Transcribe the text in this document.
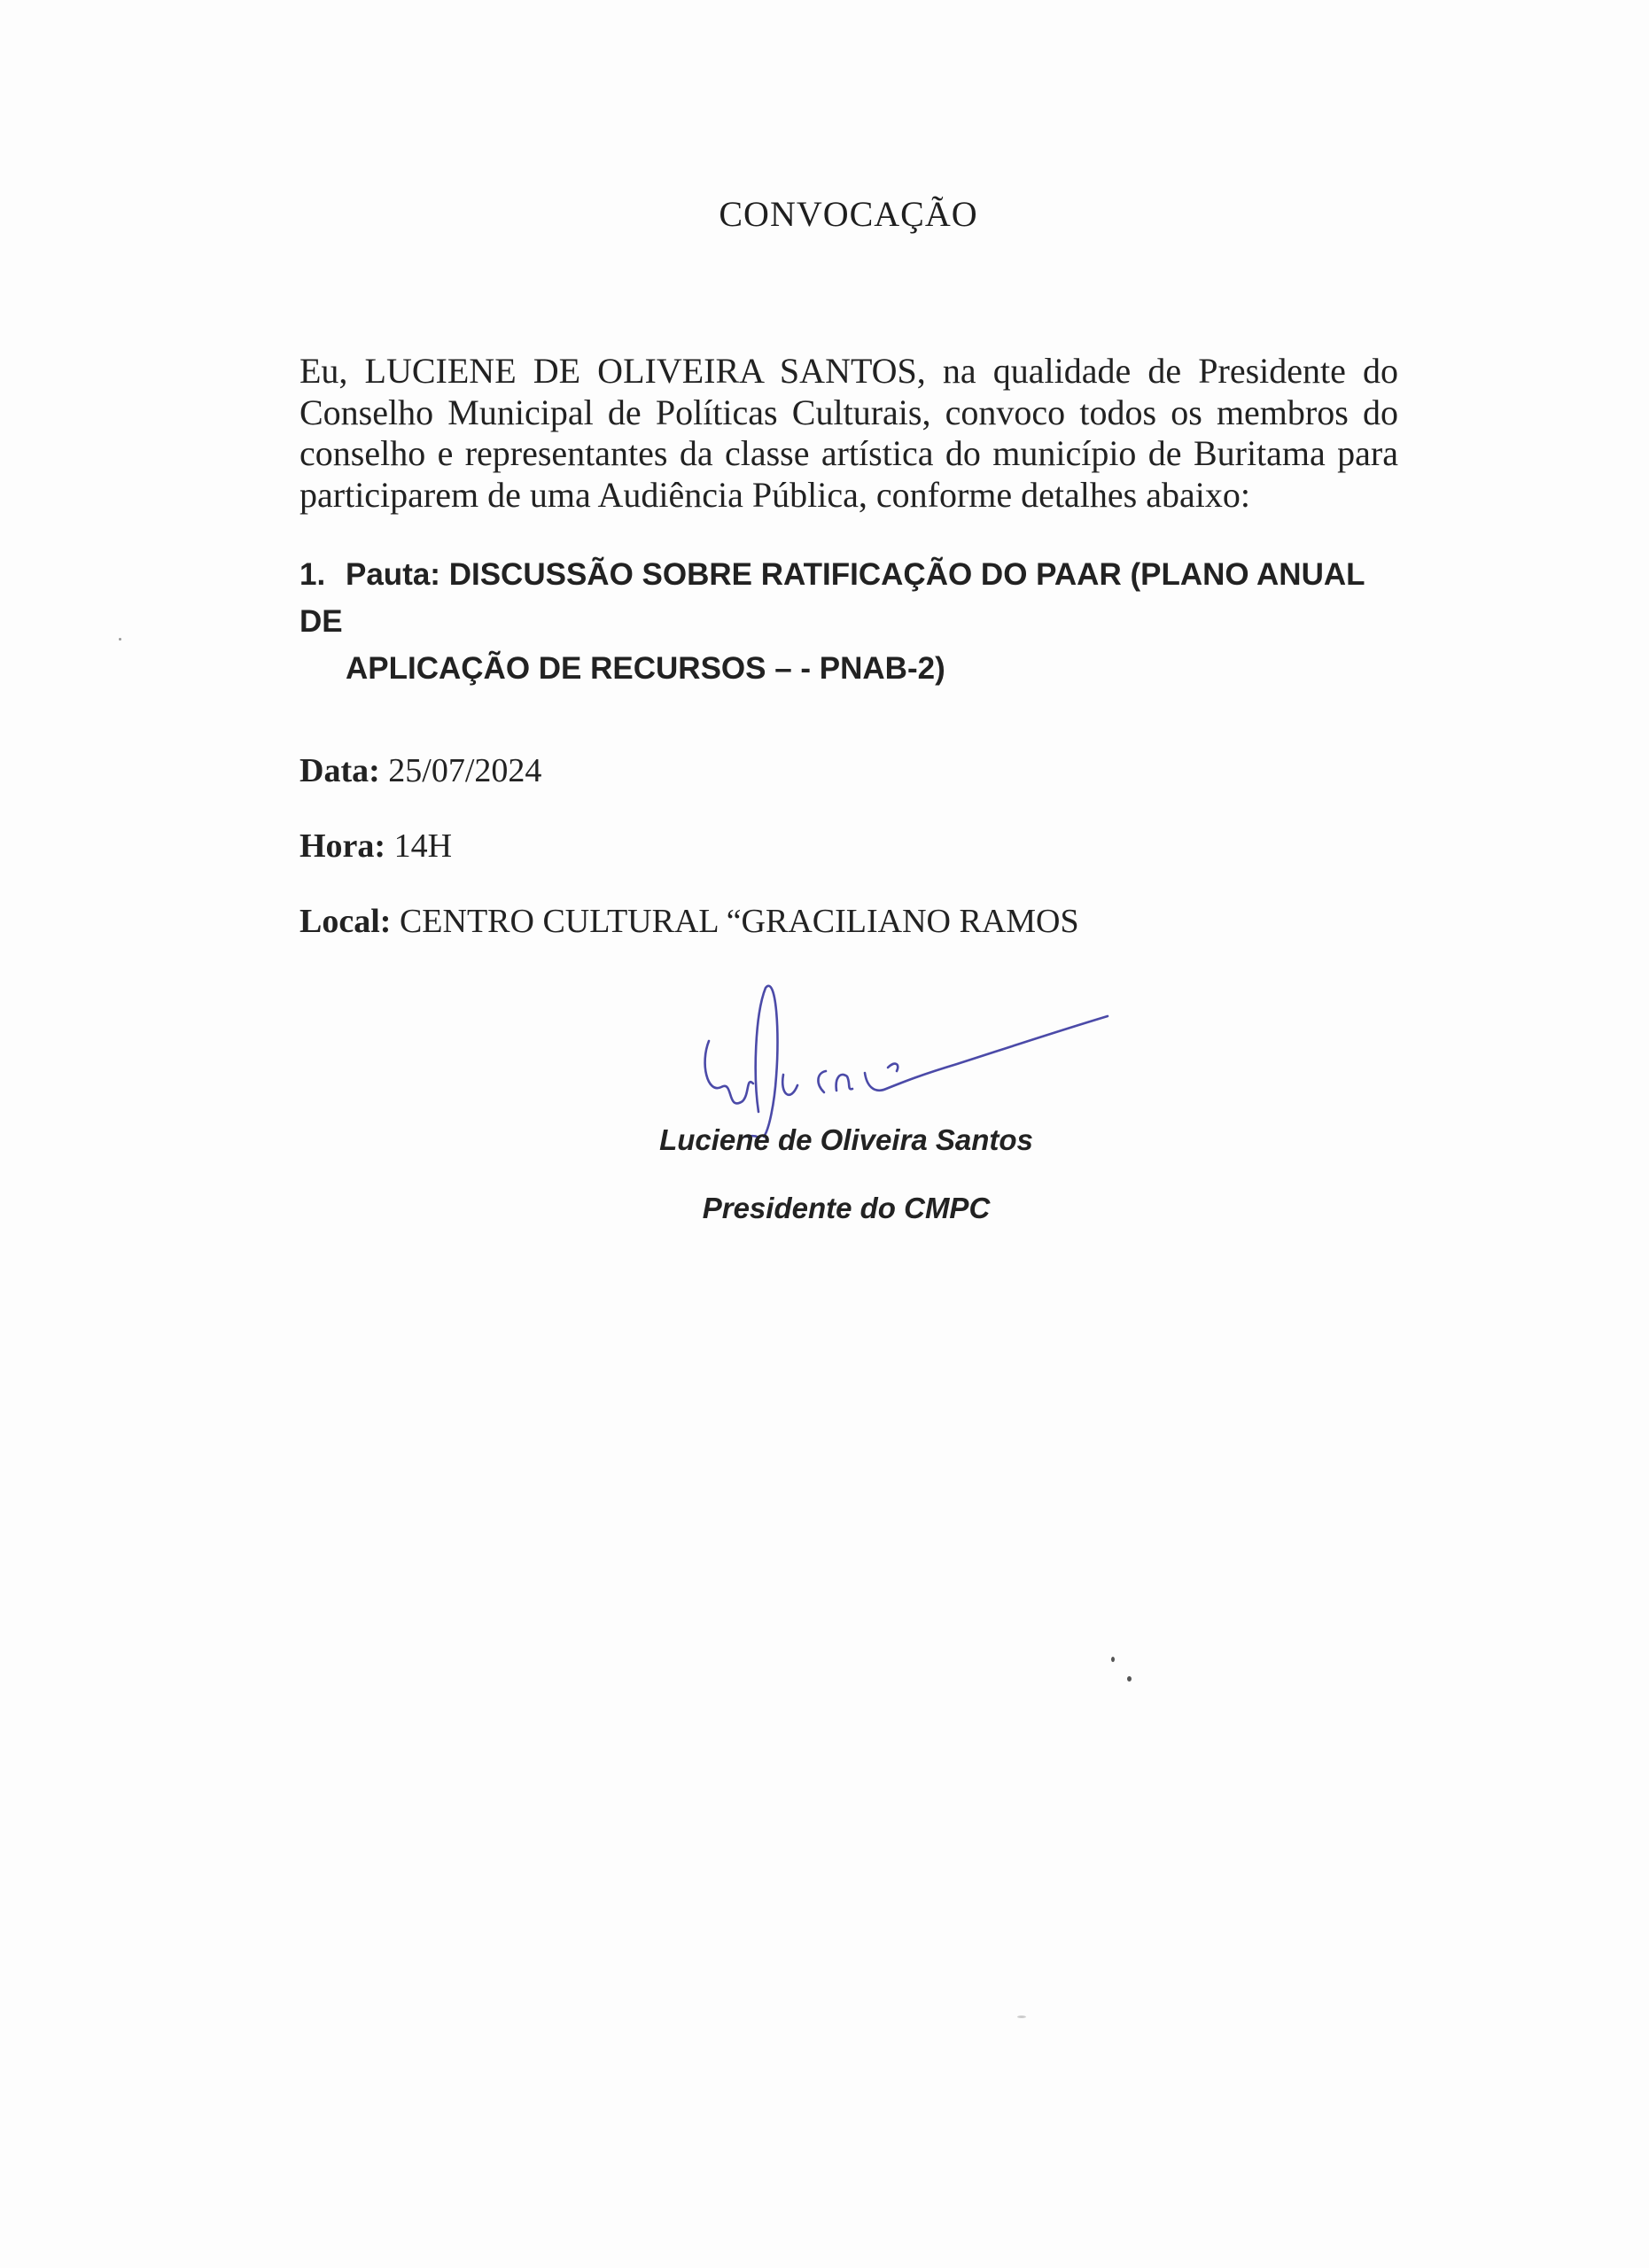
CONVOCAÇÃO
Eu, LUCIENE DE OLIVEIRA SANTOS, na qualidade de Presidente do Conselho Municipal de Políticas Culturais, convoco todos os membros do conselho e representantes da classe artística do município de Buritama para participarem de uma Audiência Pública, conforme detalhes abaixo:
1. Pauta: DISCUSSÃO SOBRE RATIFICAÇÃO DO PAAR (PLANO ANUAL DE
APLICAÇÃO DE RECURSOS – - PNAB-2)
Data: 25/07/2024
Hora: 14H
Local: CENTRO CULTURAL “GRACILIANO RAMOS
Luciene de Oliveira Santos
Presidente do CMPC
